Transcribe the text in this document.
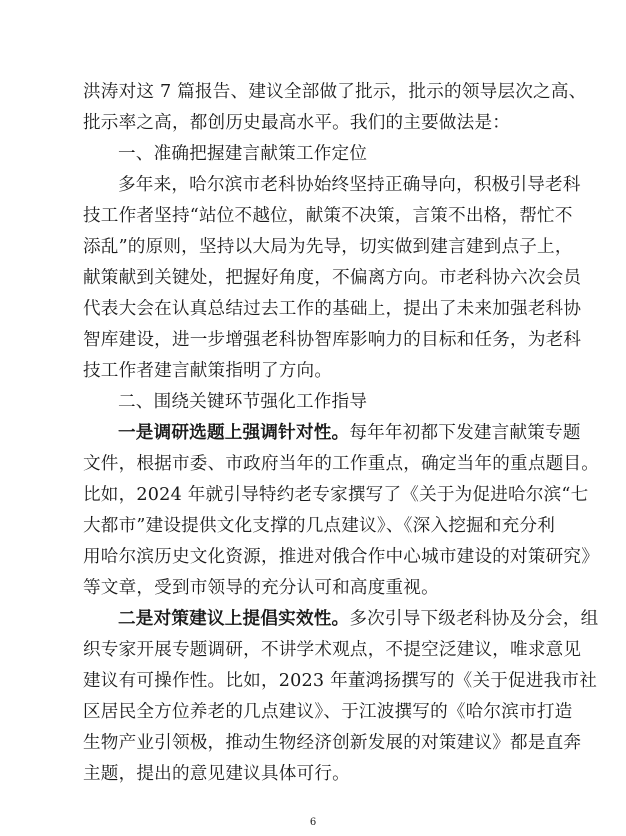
洪涛对这 7 篇报告、建议全部做了批示，批示的领导层次之高、
批示率之高，都创历史最高水平。我们的主要做法是：
一、准确把握建言献策工作定位
多年来，哈尔滨市老科协始终坚持正确导向，积极引导老科
技工作者坚持“站位不越位，献策不决策，言策不出格，帮忙不
添乱”的原则，坚持以大局为先导，切实做到建言建到点子上，
献策献到关键处，把握好角度，不偏离方向。市老科协六次会员
代表大会在认真总结过去工作的基础上，提出了未来加强老科协
智库建设，进一步增强老科协智库影响力的目标和任务，为老科
技工作者建言献策指明了方向。
二、围绕关键环节强化工作指导
一是调研选题上强调针对性。每年年初都下发建言献策专题
文件，根据市委、市政府当年的工作重点，确定当年的重点题目。
比如，2024 年就引导特约老专家撰写了《关于为促进哈尔滨“七
大都市”建设提供文化支撑的几点建议》、《深入挖掘和充分利
用哈尔滨历史文化资源，推进对俄合作中心城市建设的对策研究》
等文章，受到市领导的充分认可和高度重视。
二是对策建议上提倡实效性。多次引导下级老科协及分会，组
织专家开展专题调研，不讲学术观点，不提空泛建议，唯求意见
建议有可操作性。比如，2023 年董鸿扬撰写的《关于促进我市社
区居民全方位养老的几点建议》、于江波撰写的《哈尔滨市打造
生物产业引领极，推动生物经济创新发展的对策建议》都是直奔
主题，提出的意见建议具体可行。
6
